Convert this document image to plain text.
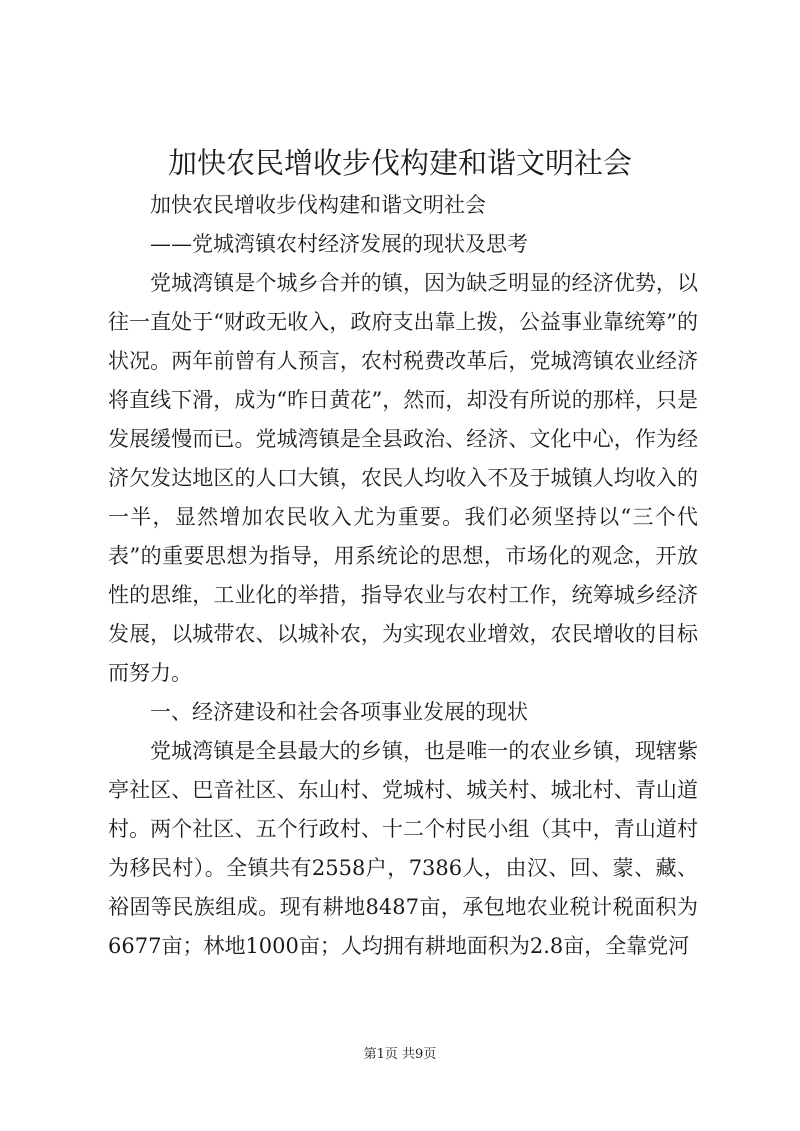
加快农民增收步伐构建和谐文明社会

加快农民增收步伐构建和谐文明社会

——党城湾镇农村经济发展的现状及思考

党城湾镇是个城乡合并的镇，因为缺乏明显的经济优势，以往一直处于“财政无收入，政府支出靠上拨，公益事业靠统筹”的状况。两年前曾有人预言，农村税费改革后，党城湾镇农业经济将直线下滑，成为“昨日黄花”，然而，却没有所说的那样，只是发展缓慢而已。党城湾镇是全县政治、经济、文化中心，作为经济欠发达地区的人口大镇，农民人均收入不及于城镇人均收入的一半，显然增加农民收入尤为重要。我们必须坚持以“三个代表”的重要思想为指导，用系统论的思想，市场化的观念，开放性的思维，工业化的举措，指导农业与农村工作，统筹城乡经济发展，以城带农、以城补农，为实现农业增效，农民增收的目标而努力。

一、经济建设和社会各项事业发展的现状

党城湾镇是全县最大的乡镇，也是唯一的农业乡镇，现辖紫亭社区、巴音社区、东山村、党城村、城关村、城北村、青山道村。两个社区、五个行政村、十二个村民小组（其中，青山道村为移民村）。全镇共有2558户，7386人，由汉、回、蒙、藏、裕固等民族组成。现有耕地8487亩，承包地农业税计税面积为6677亩；林地1000亩；人均拥有耕地面积为2.8亩，全靠党河

第1页 共9页
